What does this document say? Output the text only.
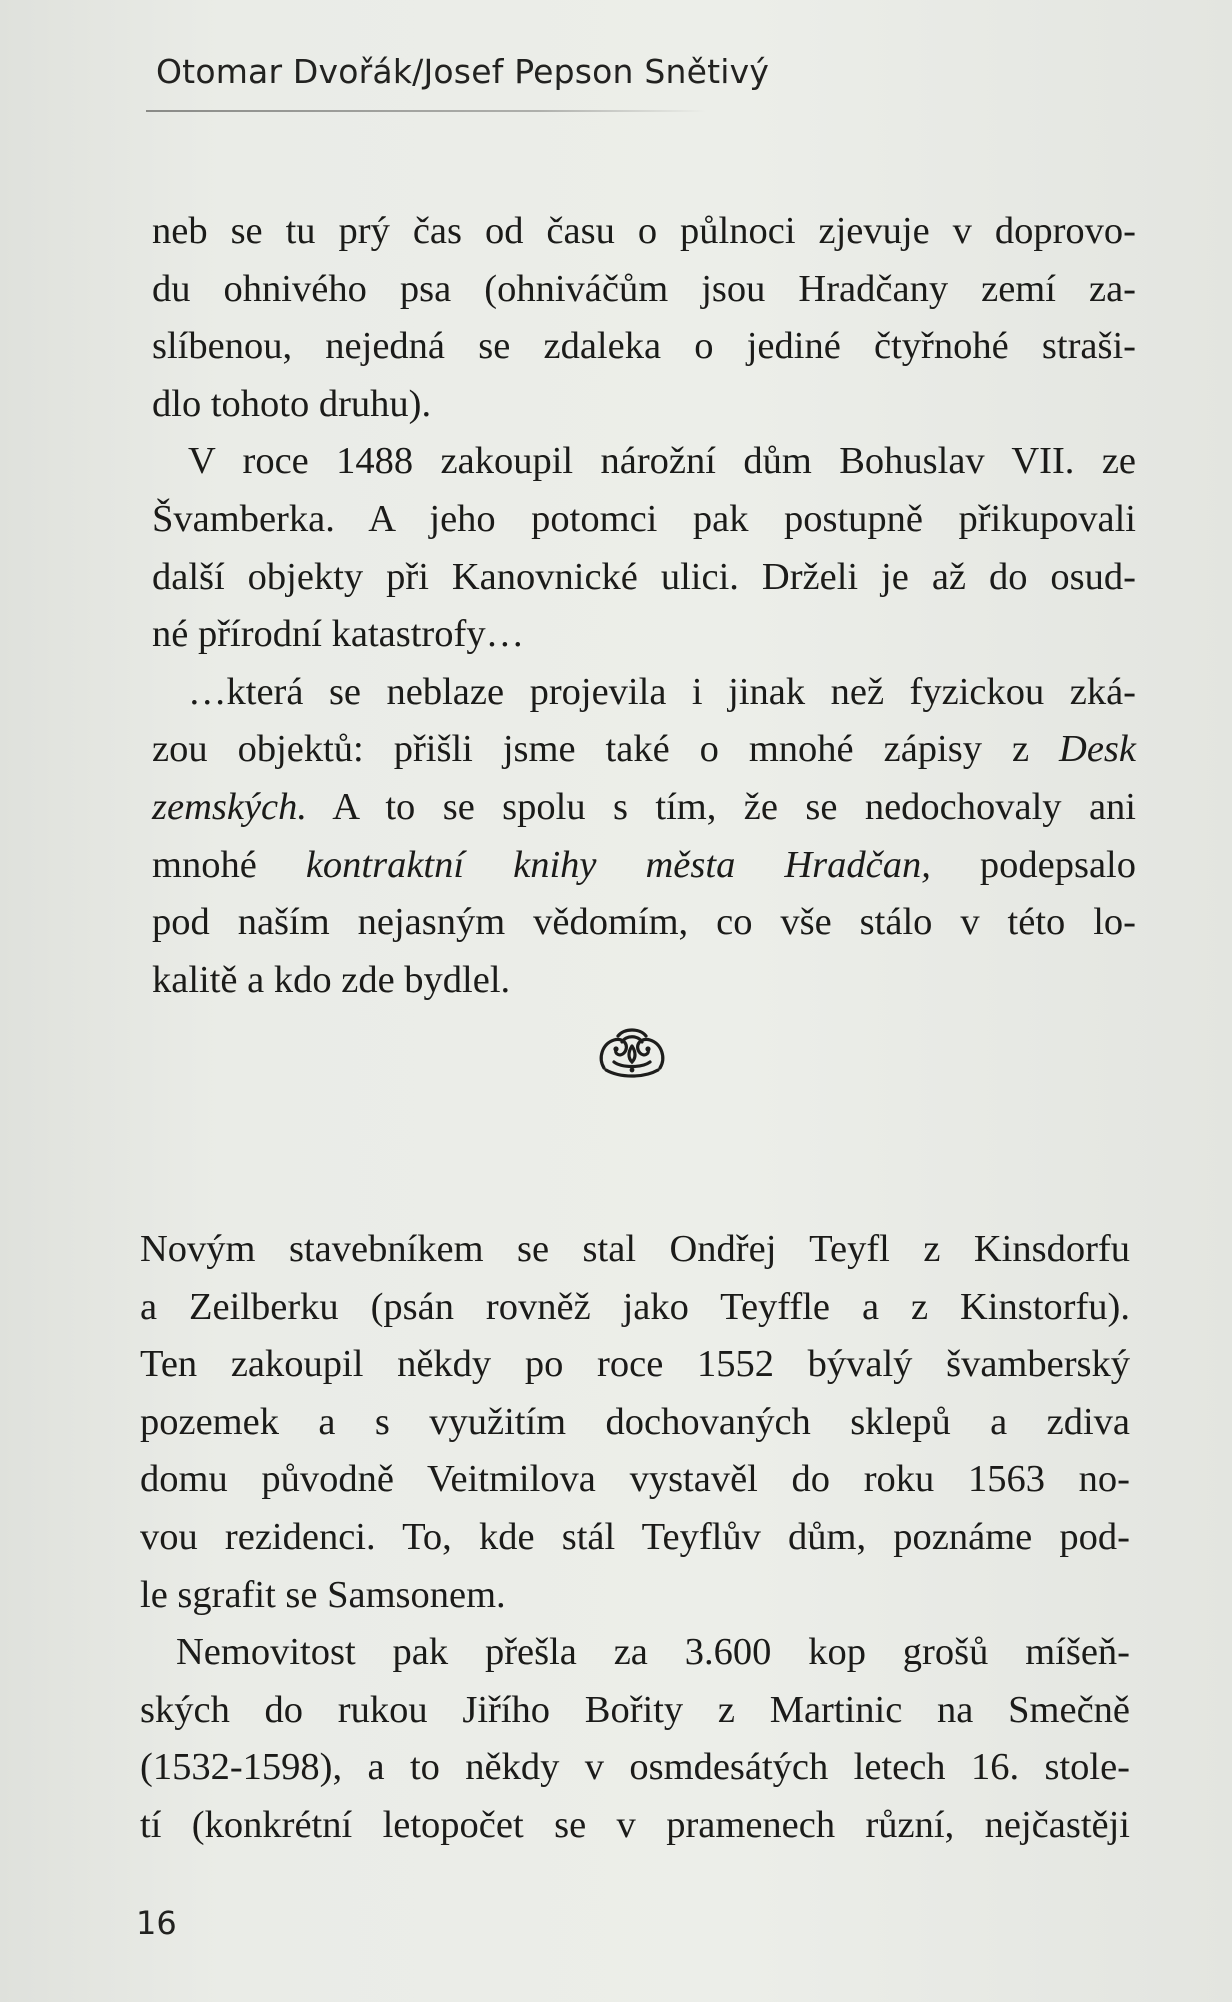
Otomar Dvořák/Josef Pepson Snětivý
neb se tu prý čas od času o půlnoci zjevuje v doprovo-
du ohnivého psa (ohniváčům jsou Hradčany zemí za-
slíbenou, nejedná se zdaleka o jediné čtyřnohé straši-
dlo tohoto druhu).
V roce 1488 zakoupil nárožní dům Bohuslav VII. ze
Švamberka. A jeho potomci pak postupně přikupovali
další objekty při Kanovnické ulici. Drželi je až do osud-
né přírodní katastrofy…
…která se neblaze projevila i jinak než fyzickou zká-
zou objektů: přišli jsme také o mnohé zápisy z Desk
zemských. A to se spolu s tím, že se nedochovaly ani
mnohé kontraktní knihy města Hradčan, podepsalo
pod naším nejasným vědomím, co vše stálo v této lo-
kalitě a kdo zde bydlel.
Novým stavebníkem se stal Ondřej Teyfl z Kinsdorfu
a Zeilberku (psán rovněž jako Teyffle a z Kinstorfu).
Ten zakoupil někdy po roce 1552 bývalý švamberský
pozemek a s využitím dochovaných sklepů a zdiva
domu původně Veitmilova vystavěl do roku 1563 no-
vou rezidenci. To, kde stál Teyflův dům, poznáme pod-
le sgrafit se Samsonem.
Nemovitost pak přešla za 3.600 kop grošů míšeň-
ských do rukou Jiřího Bořity z Martinic na Smečně
(1532-1598), a to někdy v osmdesátých letech 16. stole-
tí (konkrétní letopočet se v pramenech různí, nejčastěji
16
